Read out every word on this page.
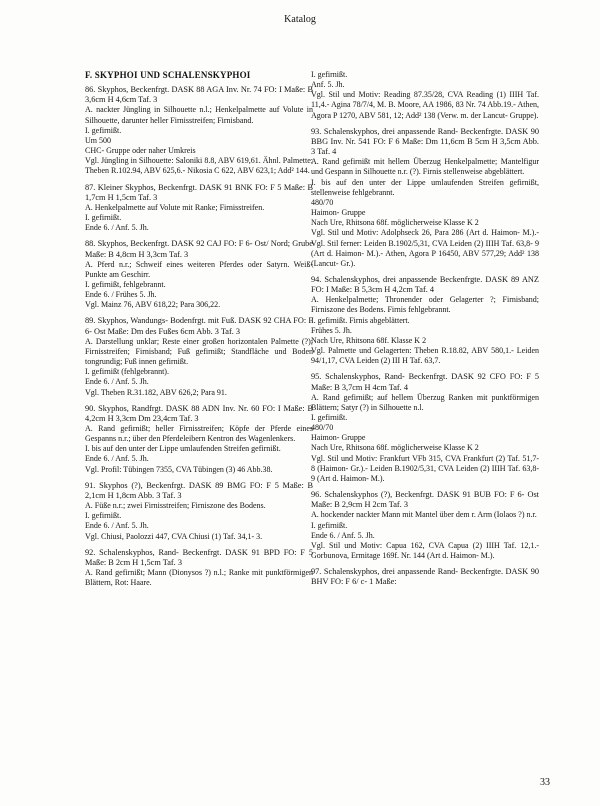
Katalog
F. SKYPHOI UND SCHALENSKYPHOI

86. Skyphos, Beckenfrgt. DASK 88 AGA Inv. Nr. 74 FO: I Maße: B 3,6cm H 4,6cm Taf. 3

A. nackter Jüngling in Silhouette n.l.; Henkelpalmette auf Volute in Silhouette, darunter heller Firnisstreifen; Firnisband.

I. gefirnißt.

Um 500

CHC- Gruppe oder naher Umkreis

Vgl. Jüngling in Silhouette: Saloniki 8.8, ABV 619,61. Ähnl. Palmette: Theben R.102.94, ABV 625,6.- Nikosia C 622, ABV 623,1; Add² 144.

87. Kleiner Skyphos, Beckenfrgt. DASK 91 BNK FO: F 5 Maße: B 1,7cm H 1,5cm Taf. 3

A. Henkelpalmette auf Volute mit Ranke; Firnisstreifen.

I. gefirnißt.

Ende 6. / Anf. 5. Jh.

88. Skyphos, Beckenfrgt. DASK 92 CAJ FO: F 6- Ost/ Nord; Grube Maße: B 4,8cm H 3,3cm Taf. 3

A. Pferd n.r.; Schweif eines weiteren Pferdes oder Satyrn. Weiß- Punkte am Geschirr.

I. gefirnißt, fehlgebrannt.

Ende 6. / Frühes 5. Jh.

Vgl. Mainz 76, ABV 618,22; Para 306,22.

89. Skyphos, Wandungs- Bodenfrgt. mit Fuß. DASK 92 CHA FO: F 6- Ost Maße: Dm des Fußes 6cm Abb. 3 Taf. 3

A. Darstellung unklar; Reste einer großen horizontalen Palmette (?); Firnisstreifen; Firnisband; Fuß gefirnißt; Standfläche und Boden tongrundig; Fuß innen gefirnißt.

I. gefirnißt (fehlgebrannt).

Ende 6. / Anf. 5. Jh.

Vgl. Theben R.31.182, ABV 626,2; Para 91.

90. Skyphos, Randfrgt. DASK 88 ADN Inv. Nr. 60 FO: I Maße: B 4,2cm H 3,3cm Dm 23,4cm Taf. 3

A. Rand gefirnißt; heller Firnisstreifen; Köpfe der Pferde eines Gespanns n.r.; über den Pferdeleibern Kentron des Wagenlenkers.

I. bis auf den unter der Lippe umlaufenden Streifen gefirnißt.

Ende 6. / Anf. 5. Jh.

Vgl. Profil: Tübingen 7355, CVA Tübingen (3) 46 Abb.38.

91. Skyphos (?), Beckenfrgt. DASK 89 BMG FO: F 5 Maße: B 2,1cm H 1,8cm Abb. 3 Taf. 3

A. Füße n.r.; zwei Firnisstreifen; Firniszone des Bodens.

I. gefirnißt.

Ende 6. / Anf. 5. Jh.

Vgl. Chiusi, Paolozzi 447, CVA Chiusi (1) Taf. 34,1- 3.

92. Schalenskyphos, Rand- Beckenfrgt. DASK 91 BPD FO: F 5 Maße: B 2cm H 1,5cm Taf. 3

A. Rand gefirnißt; Mann (Dionysos ?) n.l.; Ranke mit punktförmigen Blättern, Rot: Haare.

I. gefirnißt.

Anf. 5. Jh.

Vgl. Stil und Motiv: Reading 87.35/28, CVA Reading (1) IIIH Taf. 11,4.- Agina 78/7/4, M. B. Moore, AA 1986, 83 Nr. 74 Abb.19.- Athen, Agora P 1270, ABV 581, 12; Add² 138 (Verw. m. der Lancut- Gruppe).

93. Schalenskyphos, drei anpassende Rand- Beckenfrgte. DASK 90 BBG Inv. Nr. 541 FO: F 6 Maße: Dm 11,6cm B 5cm H 3,5cm Abb. 3 Taf. 4

A. Rand gefirnißt mit hellem Überzug Henkelpalmette; Mantelfigur und Gespann in Silhouette n.r. (?). Firnis stellenweise abgeblättert.

I. bis auf den unter der Lippe umlaufenden Streifen gefirnißt, stellenweise fehlgebrannt.

480/70

Haimon- Gruppe

Nach Ure, Rhitsona 68f. möglicherweise Klasse K 2

Vgl. Stil und Motiv: Adolphseck 26, Para 286 (Art d. Haimon- M.).- Vgl. Stil ferner: Leiden B.1902/5,31, CVA Leiden (2) IIIH Taf. 63,8- 9 (Art d. Haimon- M.).- Athen, Agora P 16450, ABV 577,29; Add² 138 (Lancut- Gr.).

94. Schalenskyphos, drei anpassende Beckenfrgte. DASK 89 ANZ FO: I Maße: B 5,3cm H 4,2cm Taf. 4

A. Henkelpalmette; Thronender oder Gelagerter ?; Firnisband; Firniszone des Bodens. Firnis fehlgebrannt.

I. gefirnißt. Firnis abgeblättert.

Frühes 5. Jh.

Nach Ure, Rhitsona 68f. Klasse K 2

Vgl. Palmette und Gelagerten: Theben R.18.82, ABV 580,1.- Leiden 94/1,17, CVA Leiden (2) III H Taf. 63,7.

95. Schalenskyphos, Rand- Beckenfrgt. DASK 92 CFO FO: F 5 Maße: B 3,7cm H 4cm Taf. 4

A. Rand gefirnißt; auf hellem Überzug Ranken mit punktförmigen Blättern; Satyr (?) in Silhouette n.l.

I. gefirnißt.

480/70

Haimon- Gruppe

Nach Ure, Rhitsona 68f. möglicherweise Klasse K 2

Vgl. Stil und Motiv: Frankfurt VFb 315, CVA Frankfurt (2) Taf. 51,7- 8 (Haimon- Gr.).- Leiden B.1902/5,31, CVA Leiden (2) IIIH Taf. 63,8- 9 (Art d. Haimon- M.).

96. Schalenskyphos (?), Beckenfrgt. DASK 91 BUB FO: F 6- Ost Maße: B 2,9cm H 2cm Taf. 3

A. hockender nackter Mann mit Mantel über dem r. Arm (Iolaos ?) n.r.

I. gefirnißt.

Ende 6. / Anf. 5. Jh.

Vgl. Stil und Motiv: Capua 162, CVA Capua (2) IIIH Taf. 12,1.- Gorbunova, Ermitage 169f. Nr. 144 (Art d. Haimon- M.).

97. Schalenskyphos, drei anpassende Rand- Beckenfrgte. DASK 90 BHV FO: F 6/ c- 1 Maße:

33
